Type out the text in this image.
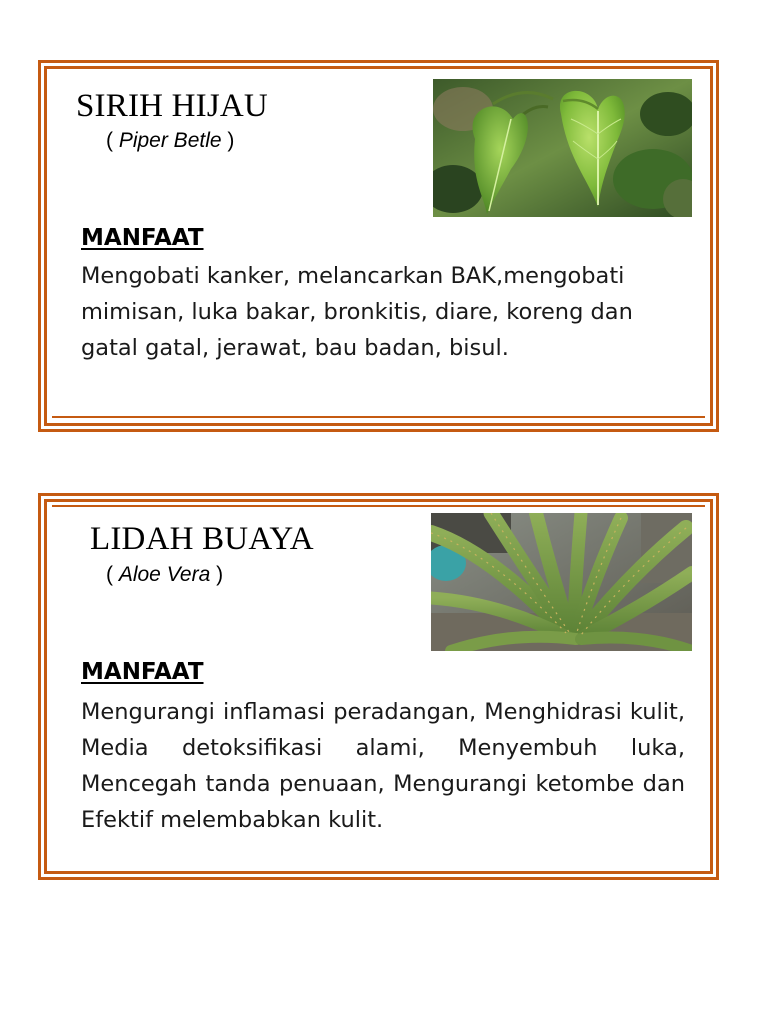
SIRIH HIJAU
( Piper Betle )
MANFAAT

Mengobati kanker, melancarkan BAK,mengobati mimisan, luka bakar, bronkitis, diare, koreng dan gatal gatal, jerawat, bau badan, bisul.

LIDAH BUAYA
( Aloe Vera )
MANFAAT

Mengurangi inflamasi peradangan, Menghidrasi kulit, Media detoksifikasi alami, Menyembuh luka, Mencegah tanda penuaan, Mengurangi ketombe dan Efektif melembabkan kulit.
